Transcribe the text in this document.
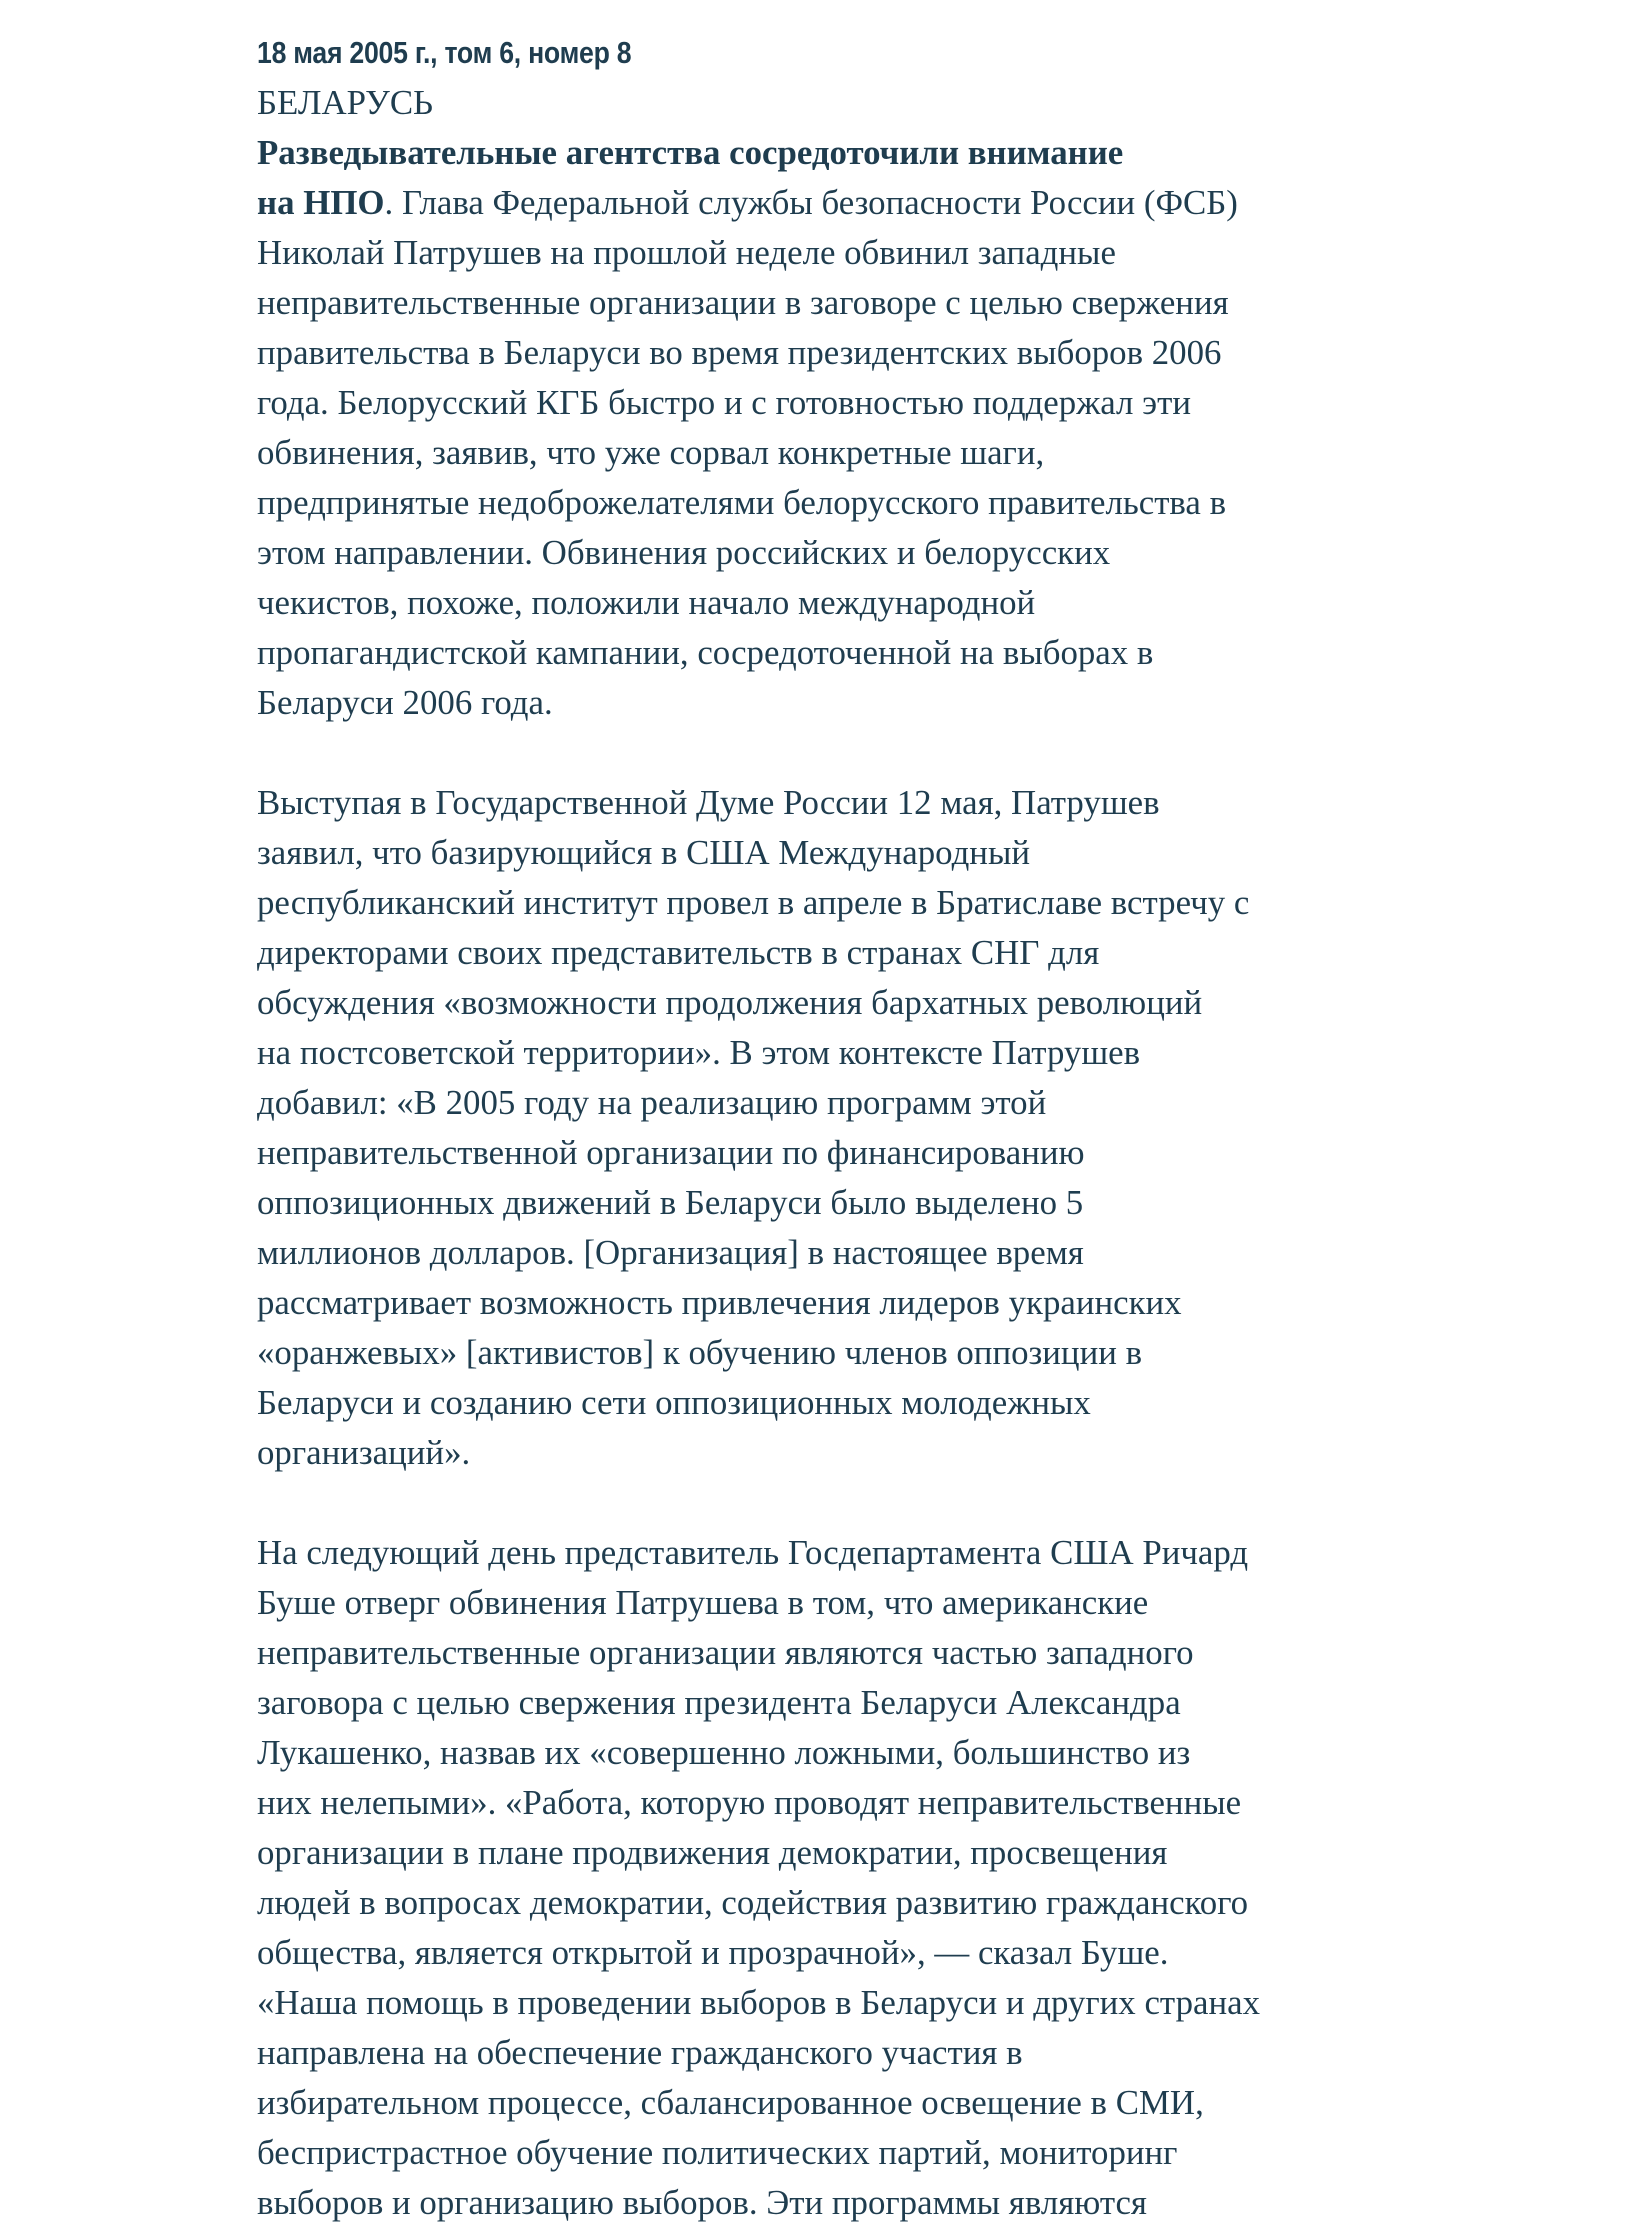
18 мая 2005 г., том 6, номер 8
БЕЛАРУСЬ
Разведывательные агентства сосредоточили внимание
на НПО. Глава Федеральной службы безопасности России (ФСБ)
Николай Патрушев на прошлой неделе обвинил западные
неправительственные организации в заговоре с целью свержения
правительства в Беларуси во время президентских выборов 2006
года. Белорусский КГБ быстро и с готовностью поддержал эти
обвинения, заявив, что уже сорвал конкретные шаги,
предпринятые недоброжелателями белорусского правительства в
этом направлении. Обвинения российских и белорусских
чекистов, похоже, положили начало международной
пропагандистской кампании, сосредоточенной на выборах в
Беларуси 2006 года.
Выступая в Государственной Думе России 12 мая, Патрушев
заявил, что базирующийся в США Международный
республиканский институт провел в апреле в Братиславе встречу с
директорами своих представительств в странах СНГ для
обсуждения «возможности продолжения бархатных революций
на постсоветской территории». В этом контексте Патрушев
добавил: «В 2005 году на реализацию программ этой
неправительственной организации по финансированию
оппозиционных движений в Беларуси было выделено 5
миллионов долларов. [Организация] в настоящее время
рассматривает возможность привлечения лидеров украинских
«оранжевых» [активистов] к обучению членов оппозиции в
Беларуси и созданию сети оппозиционных молодежных
организаций».
На следующий день представитель Госдепартамента США Ричард
Буше отверг обвинения Патрушева в том, что американские
неправительственные организации являются частью западного
заговора с целью свержения президента Беларуси Александра
Лукашенко, назвав их «совершенно ложными, большинство из
них нелепыми». «Работа, которую проводят неправительственные
организации в плане продвижения демократии, просвещения
людей в вопросах демократии, содействия развитию гражданского
общества, является открытой и прозрачной», — сказал Буше.
«Наша помощь в проведении выборов в Беларуси и других странах
направлена на обеспечение гражданского участия в
избирательном процессе, сбалансированное освещение в СМИ,
беспристрастное обучение политических партий, мониторинг
выборов и организацию выборов. Эти программы являются
